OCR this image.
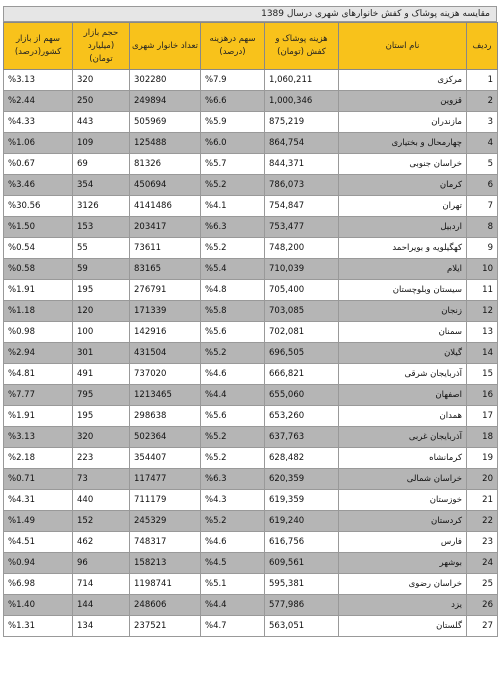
مقایسه هزینه پوشاک و کفش خانوارهای شهری درسال 1389
ردیف	نام استان	هزینه پوشاک و کفش (تومان)	سهم درهزینه (درصد)	تعداد خانوار شهری	حجم بازار (میلیارد تومان)	سهم از بازار کشور(درصد)
1	مرکزی	1,060,211	%7.9	302280	320	%3.13
2	قزوین	1,000,346	%6.6	249894	250	%2.44
3	مازندران	875,219	%5.9	505969	443	%4.33
4	چهارمحال و بختیاری	864,754	%6.0	125488	109	%1.06
5	خراسان جنوبی	844,371	%5.7	81326	69	%0.67
6	کرمان	786,073	%5.2	450694	354	%3.46
7	تهران	754,847	%4.1	4141486	3126	%30.56
8	اردبیل	753,477	%6.3	203417	153	%1.50
9	کهگیلویه و بویراحمد	748,200	%5.2	73611	55	%0.54
10	ایلام	710,039	%5.4	83165	59	%0.58
11	سیستان وبلوچستان	705,400	%4.8	276791	195	%1.91
12	زنجان	703,085	%5.8	171339	120	%1.18
13	سمنان	702,081	%5.6	142916	100	%0.98
14	گیلان	696,505	%5.2	431504	301	%2.94
15	آذربایجان شرقی	666,821	%4.6	737020	491	%4.81
16	اصفهان	655,060	%4.4	1213465	795	%7.77
17	همدان	653,260	%5.6	298638	195	%1.91
18	آذربایجان غربی	637,763	%5.2	502364	320	%3.13
19	کرمانشاه	628,482	%5.2	354407	223	%2.18
20	خراسان شمالی	620,359	%6.3	117477	73	%0.71
21	خوزستان	619,359	%4.3	711179	440	%4.31
22	کردستان	619,240	%5.2	245329	152	%1.49
23	فارس	616,756	%4.6	748317	462	%4.51
24	بوشهر	609,561	%4.5	158213	96	%0.94
25	خراسان رضوی	595,381	%5.1	1198741	714	%6.98
26	یزد	577,986	%4.4	248606	144	%1.40
27	گلستان	563,051	%4.7	237521	134	%1.31
